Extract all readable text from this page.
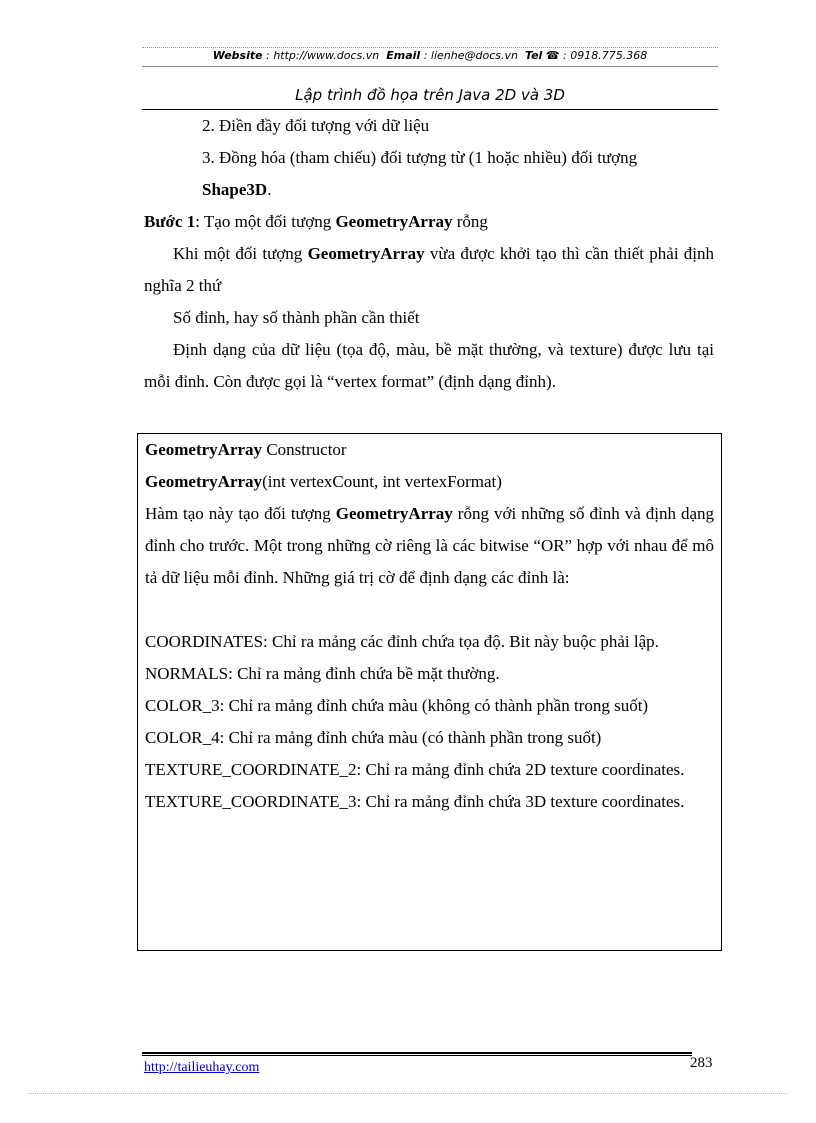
Website : http://www.docs.vn Email : lienhe@docs.vn Tel ☎ : 0918.775.368
Lập trình đồ họa trên Java 2D và 3D

2. Điền đầy đối tượng với dữ liệu

3. Đồng hóa (tham chiếu) đối tượng từ (1 hoặc nhiều) đối tượng

Shape3D.

Bước 1: Tạo một đối tượng GeometryArray rỗng

Khi một đối tượng GeometryArray vừa được khởi tạo thì cần thiết phải định nghĩa 2 thứ

Số đỉnh, hay số thành phần cần thiết

Định dạng của dữ liệu (tọa độ, màu, bề mặt thường, và texture) được lưu tại mỗi đỉnh. Còn được gọi là “vertex format” (định dạng đỉnh).

GeometryArray Constructor

GeometryArray(int vertexCount, int vertexFormat)

Hàm tạo này tạo đối tượng GeometryArray rỗng với những số đỉnh và định dạng đỉnh cho trước. Một trong những cờ riêng là các bitwise “OR” hợp với nhau để mô tả dữ liệu mỗi đỉnh. Những giá trị cờ để định dạng các đỉnh là:

COORDINATES: Chỉ ra mảng các đỉnh chứa tọa độ. Bit này buộc phải lập.

NORMALS: Chỉ ra mảng đỉnh chứa bề mặt thường.

COLOR_3: Chỉ ra mảng đỉnh chứa màu (không có thành phần trong suốt)

COLOR_4: Chỉ ra mảng đỉnh chứa màu (có thành phần trong suốt)

TEXTURE_COORDINATE_2: Chỉ ra mảng đỉnh chứa 2D texture coordinates.

TEXTURE_COORDINATE_3: Chỉ ra mảng đỉnh chứa 3D texture coordinates.

http://tailieuhay.com	283
